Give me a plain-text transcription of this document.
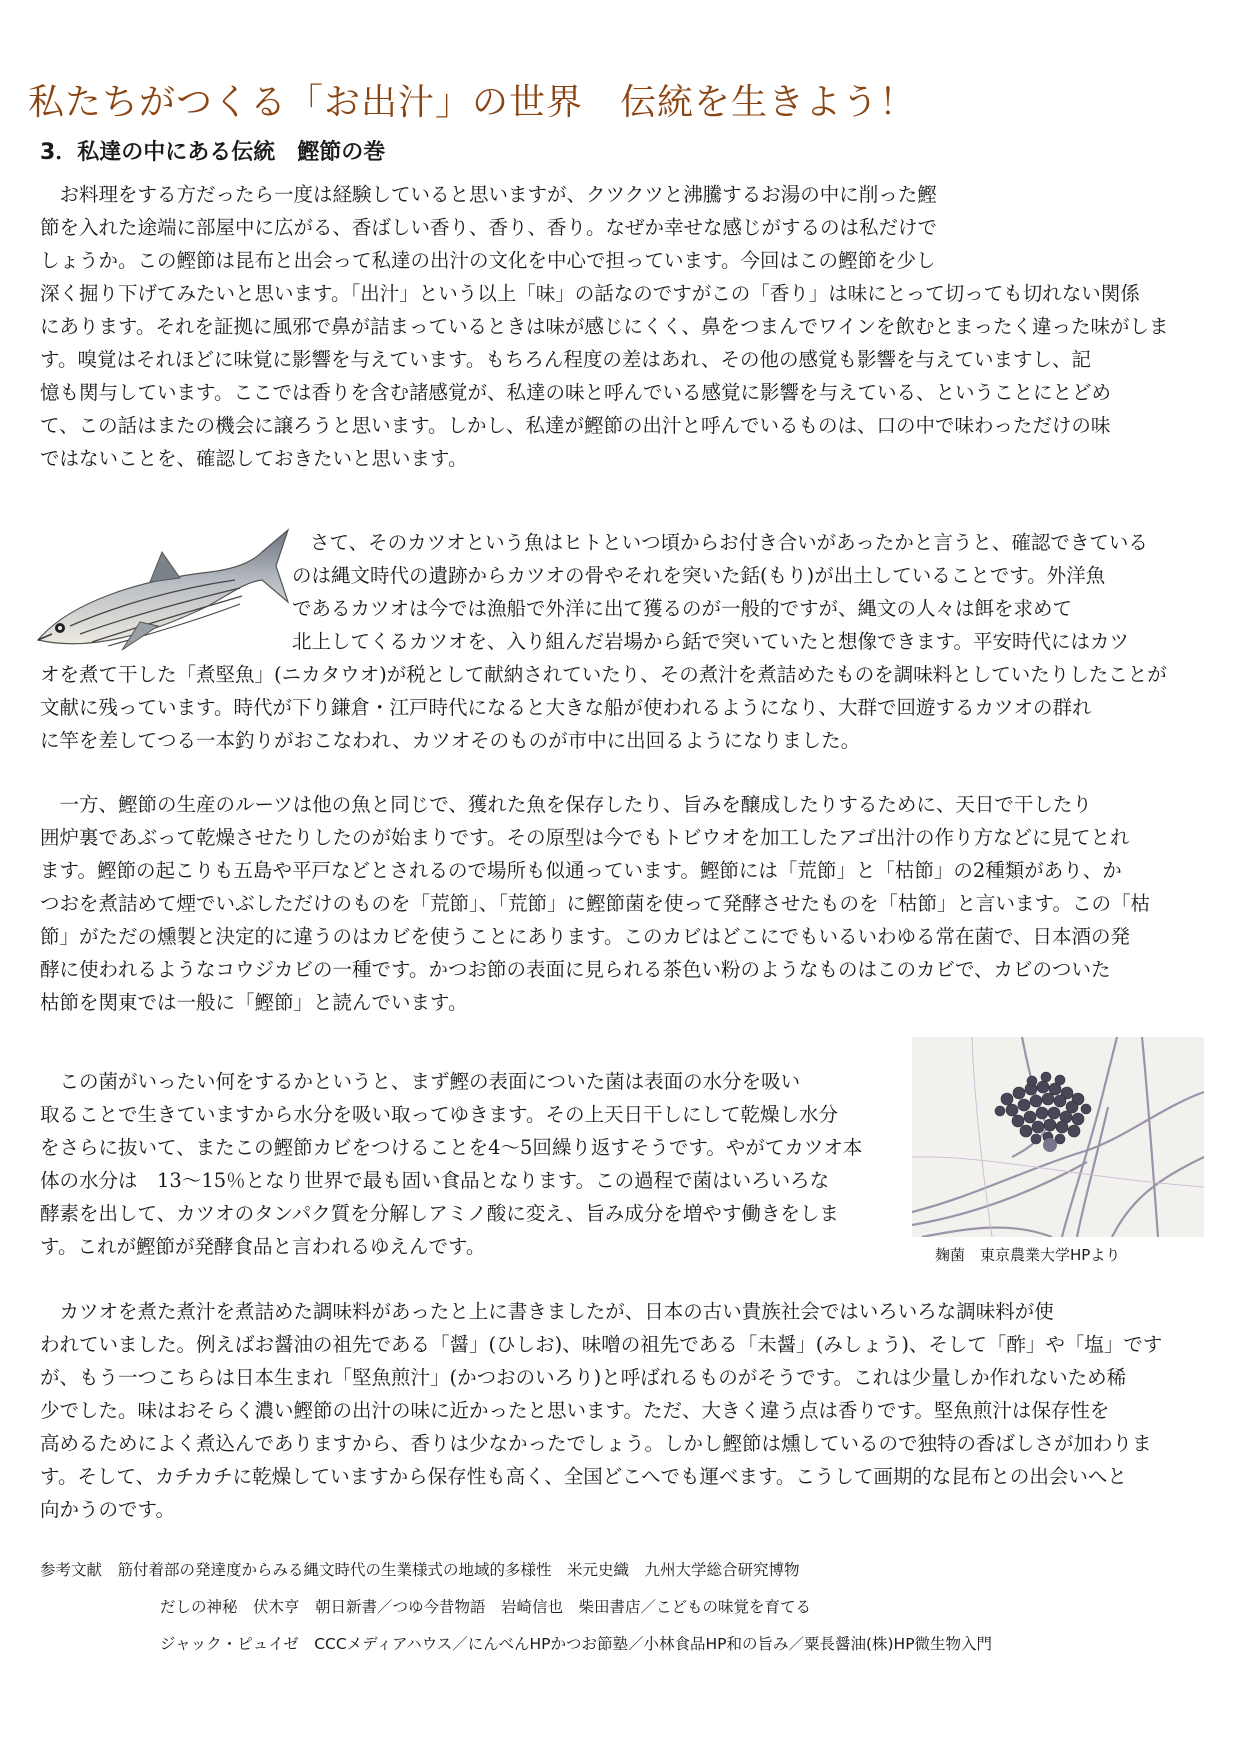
私たちがつくる「お出汁」の世界　伝統を生きよう！
3．私達の中にある伝統　鰹節の巻
　お料理をする方だったら一度は経験していると思いますが、クツクツと沸騰するお湯の中に削った鰹
節を入れた途端に部屋中に広がる、香ばしい香り、香り、香り。なぜか幸せな感じがするのは私だけで
しょうか。この鰹節は昆布と出会って私達の出汁の文化を中心で担っています。今回はこの鰹節を少し
深く掘り下げてみたいと思います。「出汁」という以上「味」の話なのですがこの「香り」は味にとって切っても切れない関係
にあります。それを証拠に風邪で鼻が詰まっているときは味が感じにくく、鼻をつまんでワインを飲むとまったく違った味がしま
す。嗅覚はそれほどに味覚に影響を与えています。もちろん程度の差はあれ、その他の感覚も影響を与えていますし、記
憶も関与しています。ここでは香りを含む諸感覚が、私達の味と呼んでいる感覚に影響を与えている、ということにとどめ
て、この話はまたの機会に譲ろうと思います。しかし、私達が鰹節の出汁と呼んでいるものは、口の中で味わっただけの味
ではないことを、確認しておきたいと思います。
さて、そのカツオという魚はヒトといつ頃からお付き合いがあったかと言うと、確認できている
のは縄文時代の遺跡からカツオの骨やそれを突いた銛(もり)が出土していることです。外洋魚
であるカツオは今では漁船で外洋に出て獲るのが一般的ですが、縄文の人々は餌を求めて
北上してくるカツオを、入り組んだ岩場から銛で突いていたと想像できます。平安時代にはカツ
オを煮て干した「煮堅魚」(ニカタウオ)が税として献納されていたり、その煮汁を煮詰めたものを調味料としていたりしたことが
文献に残っています。時代が下り鎌倉・江戸時代になると大きな船が使われるようになり、大群で回遊するカツオの群れ
に竿を差してつる一本釣りがおこなわれ、カツオそのものが市中に出回るようになりました。
　一方、鰹節の生産のルーツは他の魚と同じで、獲れた魚を保存したり、旨みを醸成したりするために、天日で干したり
囲炉裏であぶって乾燥させたりしたのが始まりです。その原型は今でもトビウオを加工したアゴ出汁の作り方などに見てとれ
ます。鰹節の起こりも五島や平戸などとされるので場所も似通っています。鰹節には「荒節」と「枯節」の2種類があり、か
つおを煮詰めて煙でいぶしただけのものを「荒節」、「荒節」に鰹節菌を使って発酵させたものを「枯節」と言います。この「枯
節」がただの燻製と決定的に違うのはカビを使うことにあります。このカビはどこにでもいるいわゆる常在菌で、日本酒の発
酵に使われるようなコウジカビの一種です。かつお節の表面に見られる茶色い粉のようなものはこのカビで、カビのついた
枯節を関東では一般に「鰹節」と読んでいます。
　この菌がいったい何をするかというと、まず鰹の表面についた菌は表面の水分を吸い
取ることで生きていますから水分を吸い取ってゆきます。その上天日干しにして乾燥し水分
をさらに抜いて、またこの鰹節カビをつけることを4～5回繰り返すそうです。やがてカツオ本
体の水分は　13～15％となり世界で最も固い食品となります。この過程で菌はいろいろな
酵素を出して、カツオのタンパク質を分解しアミノ酸に変え、旨み成分を増やす働きをしま
す。これが鰹節が発酵食品と言われるゆえんです。	麹菌　東京農業大学HPより
　カツオを煮た煮汁を煮詰めた調味料があったと上に書きましたが、日本の古い貴族社会ではいろいろな調味料が使
われていました。例えばお醤油の祖先である「醤」(ひしお)、味噌の祖先である「未醤」(みしょう)、そして「酢」や「塩」です
が、もう一つこちらは日本生まれ「堅魚煎汁」(かつおのいろり)と呼ばれるものがそうです。これは少量しか作れないため稀
少でした。味はおそらく濃い鰹節の出汁の味に近かったと思います。ただ、大きく違う点は香りです。堅魚煎汁は保存性を
高めるためによく煮込んでありますから、香りは少なかったでしょう。しかし鰹節は燻しているので独特の香ばしさが加わりま
す。そして、カチカチに乾燥していますから保存性も高く、全国どこへでも運べます。こうして画期的な昆布との出会いへと
向かうのです。
参考文献　筋付着部の発達度からみる縄文時代の生業様式の地域的多様性　米元史織　九州大学総合研究博物
だしの神秘　伏木亨　朝日新書／つゆ今昔物語　岩崎信也　柴田書店／こどもの味覚を育てる
ジャック・ピュイゼ　CCCメディアハウス／にんべんHPかつお節塾／小林食品HP和の旨み／粟長醤油(株)HP微生物入門
